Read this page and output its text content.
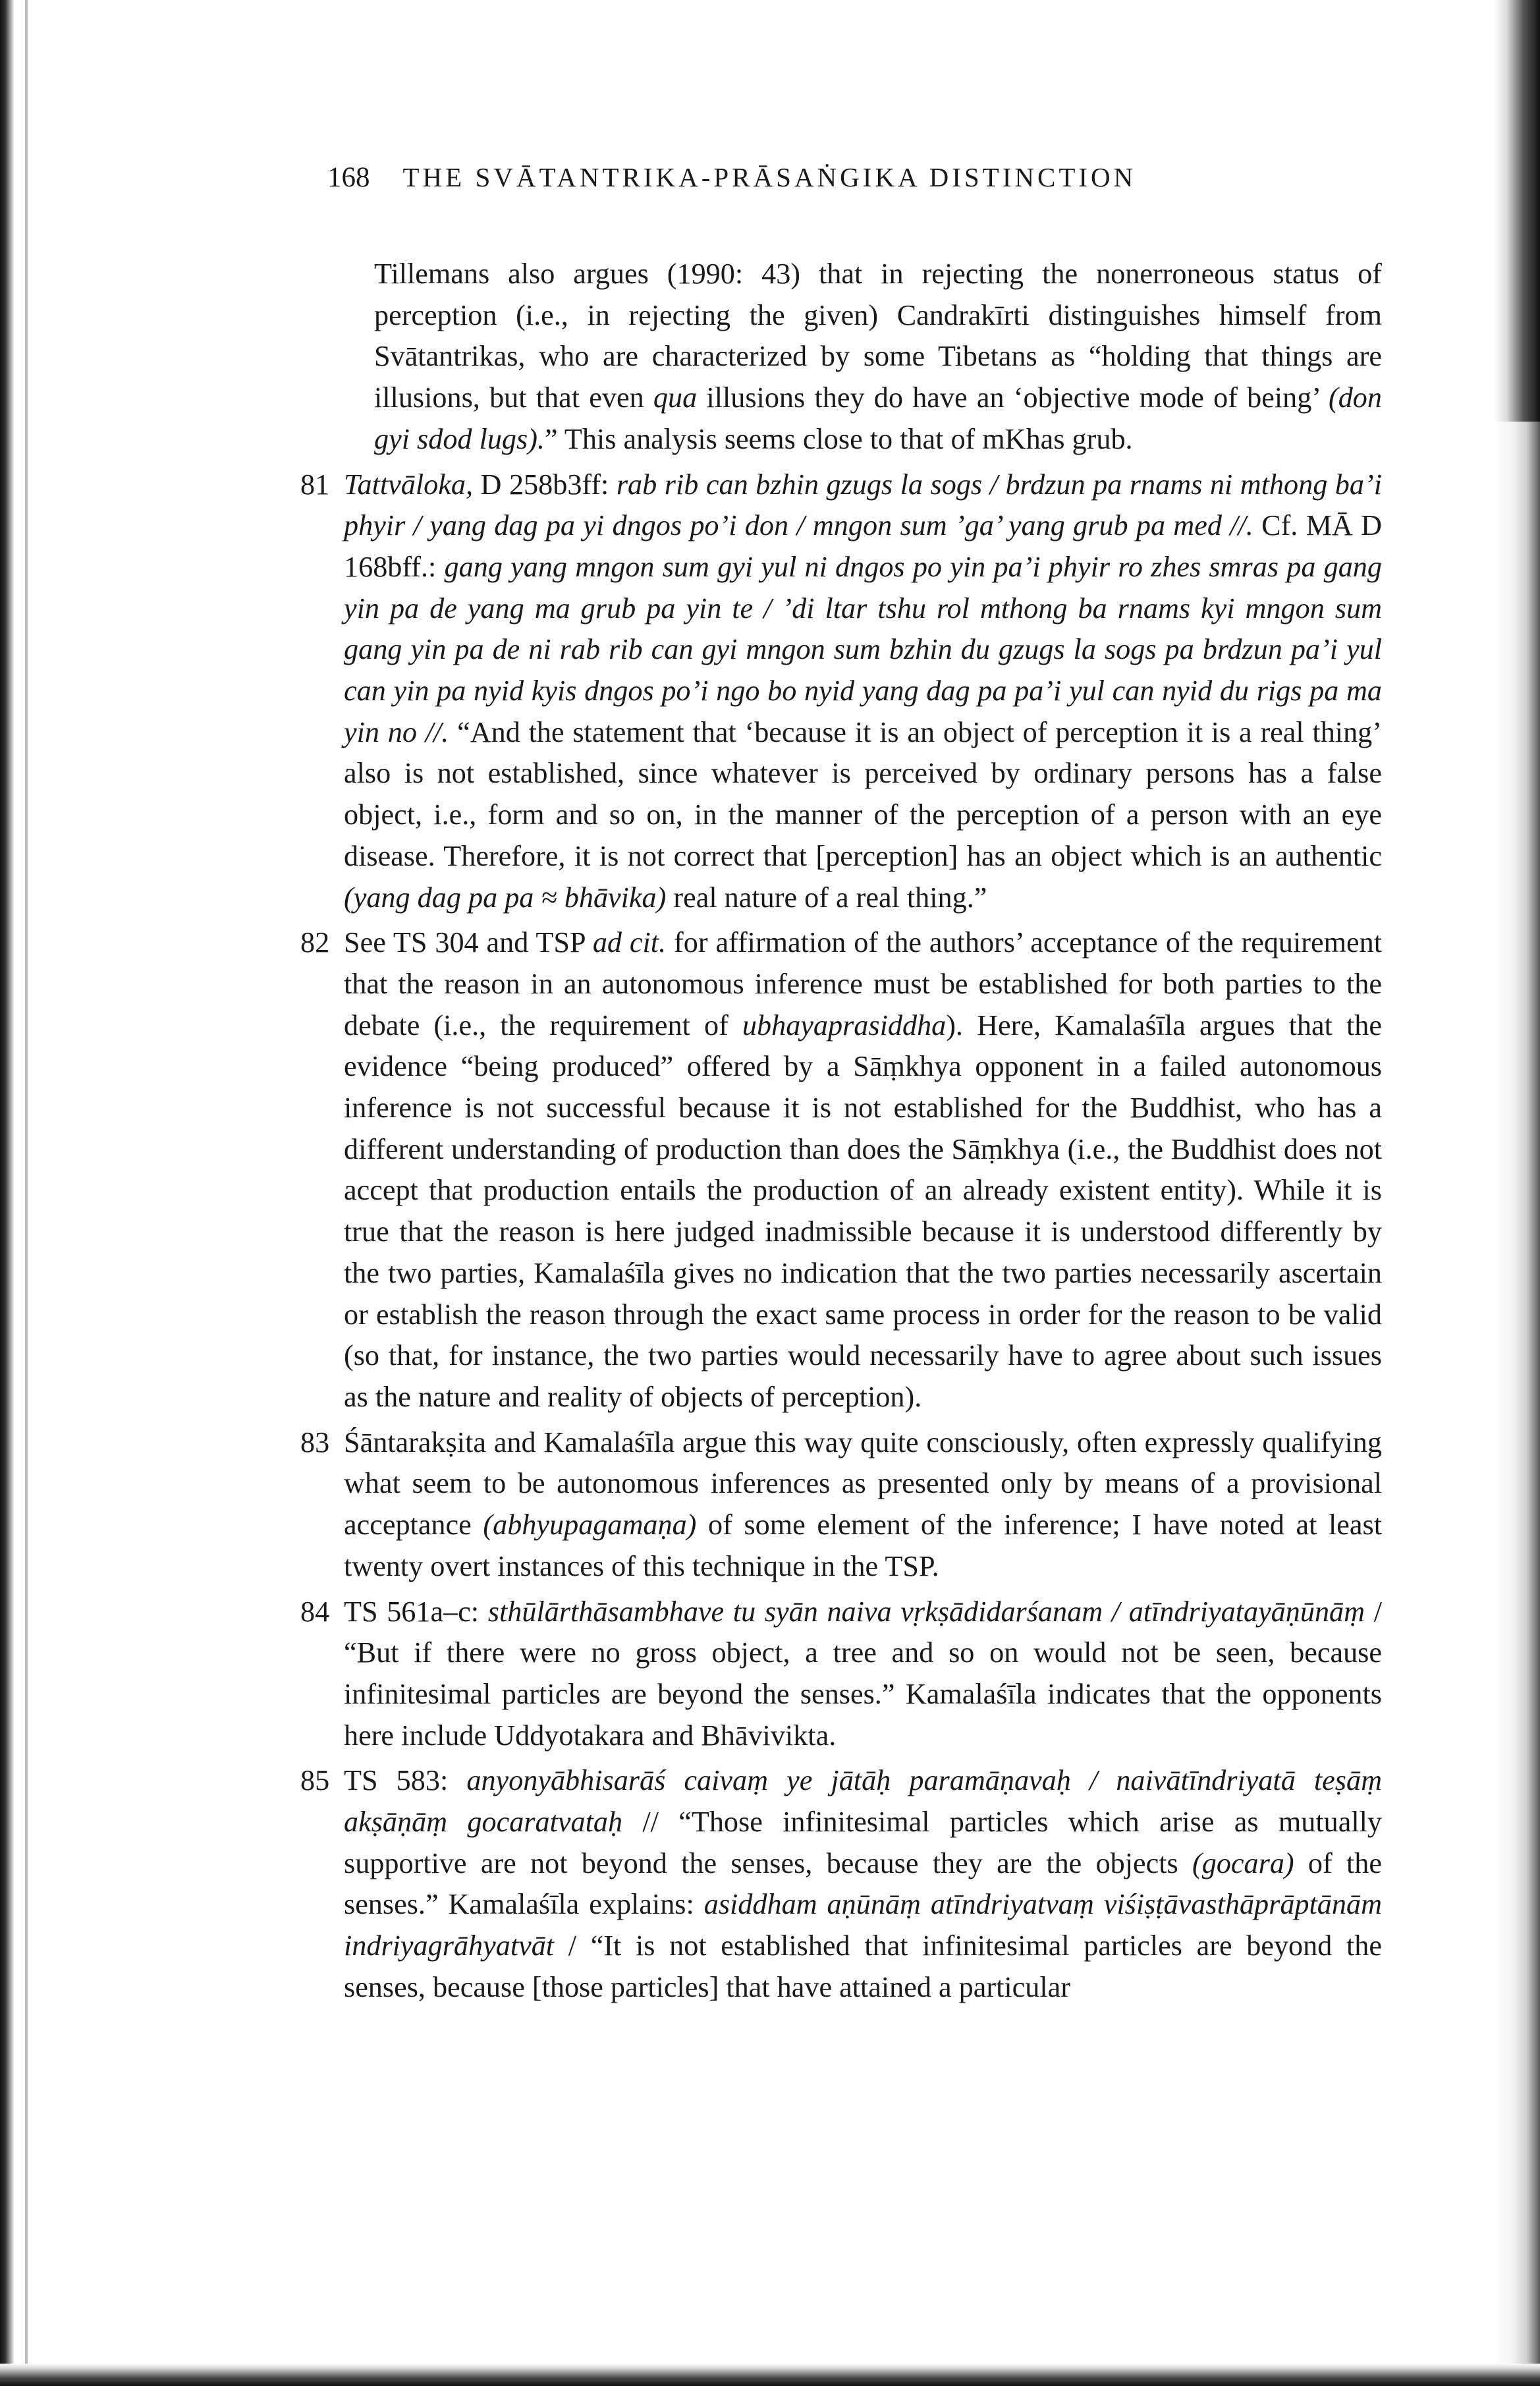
168 THE SVĀTANTRIKA-PRĀSAṄGIKA DISTINCTION
Tillemans also argues (1990: 43) that in rejecting the nonerroneous status of perception (i.e., in rejecting the given) Candrakīrti distinguishes himself from Svātantrikas, who are characterized by some Tibetans as “holding that things are illusions, but that even qua illusions they do have an ‘objective mode of being’ (don gyi sdod lugs).” This analysis seems close to that of mKhas grub.
81 Tattvāloka, D 258b3ff: rab rib can bzhin gzugs la sogs / brdzun pa rnams ni mthong ba’i phyir / yang dag pa yi dngos po’i don / mngon sum ’ga’ yang grub pa med //. Cf. MĀ D 168bff.: gang yang mngon sum gyi yul ni dngos po yin pa’i phyir ro zhes smras pa gang yin pa de yang ma grub pa yin te / ’di ltar tshu rol mthong ba rnams kyi mngon sum gang yin pa de ni rab rib can gyi mngon sum bzhin du gzugs la sogs pa brdzun pa’i yul can yin pa nyid kyis dngos po’i ngo bo nyid yang dag pa pa’i yul can nyid du rigs pa ma yin no //. “And the statement that ‘because it is an object of perception it is a real thing’ also is not established, since whatever is perceived by ordinary persons has a false object, i.e., form and so on, in the manner of the perception of a person with an eye disease. Therefore, it is not correct that [perception] has an object which is an authentic (yang dag pa pa ≈ bhāvika) real nature of a real thing.”
82 See TS 304 and TSP ad cit. for affirmation of the authors’ acceptance of the requirement that the reason in an autonomous inference must be established for both parties to the debate (i.e., the requirement of ubhayaprasiddha). Here, Kamalaśīla argues that the evidence “being produced” offered by a Sāṃkhya opponent in a failed autonomous inference is not successful because it is not established for the Buddhist, who has a different understanding of production than does the Sāṃkhya (i.e., the Buddhist does not accept that production entails the production of an already existent entity). While it is true that the reason is here judged inadmissible because it is understood differently by the two parties, Kamalaśīla gives no indication that the two parties necessarily ascertain or establish the reason through the exact same process in order for the reason to be valid (so that, for instance, the two parties would necessarily have to agree about such issues as the nature and reality of objects of perception).
83 Śāntarakṣita and Kamalaśīla argue this way quite consciously, often expressly qualifying what seem to be autonomous inferences as presented only by means of a provisional acceptance (abhyupagamaṇa) of some element of the inference; I have noted at least twenty overt instances of this technique in the TSP.
84 TS 561a–c: sthūlārthāsambhave tu syān naiva vṛkṣādidarśanam / atīndriyatayāṇūnāṃ / “But if there were no gross object, a tree and so on would not be seen, because infinitesimal particles are beyond the senses.” Kamalaśīla indicates that the opponents here include Uddyotakara and Bhāvivikta.
85 TS 583: anyonyābhisarāś caivaṃ ye jātāḥ paramāṇavaḥ / naivātīndriyatā teṣāṃ akṣāṇāṃ gocaratvataḥ // “Those infinitesimal particles which arise as mutually supportive are not beyond the senses, because they are the objects (gocara) of the senses.” Kamalaśīla explains: asiddham aṇūnāṃ atīndriyatvaṃ viśiṣṭāvasthāprāptānām indriyagrāhyatvāt / “It is not established that infinitesimal particles are beyond the senses, because [those particles] that have attained a particular
